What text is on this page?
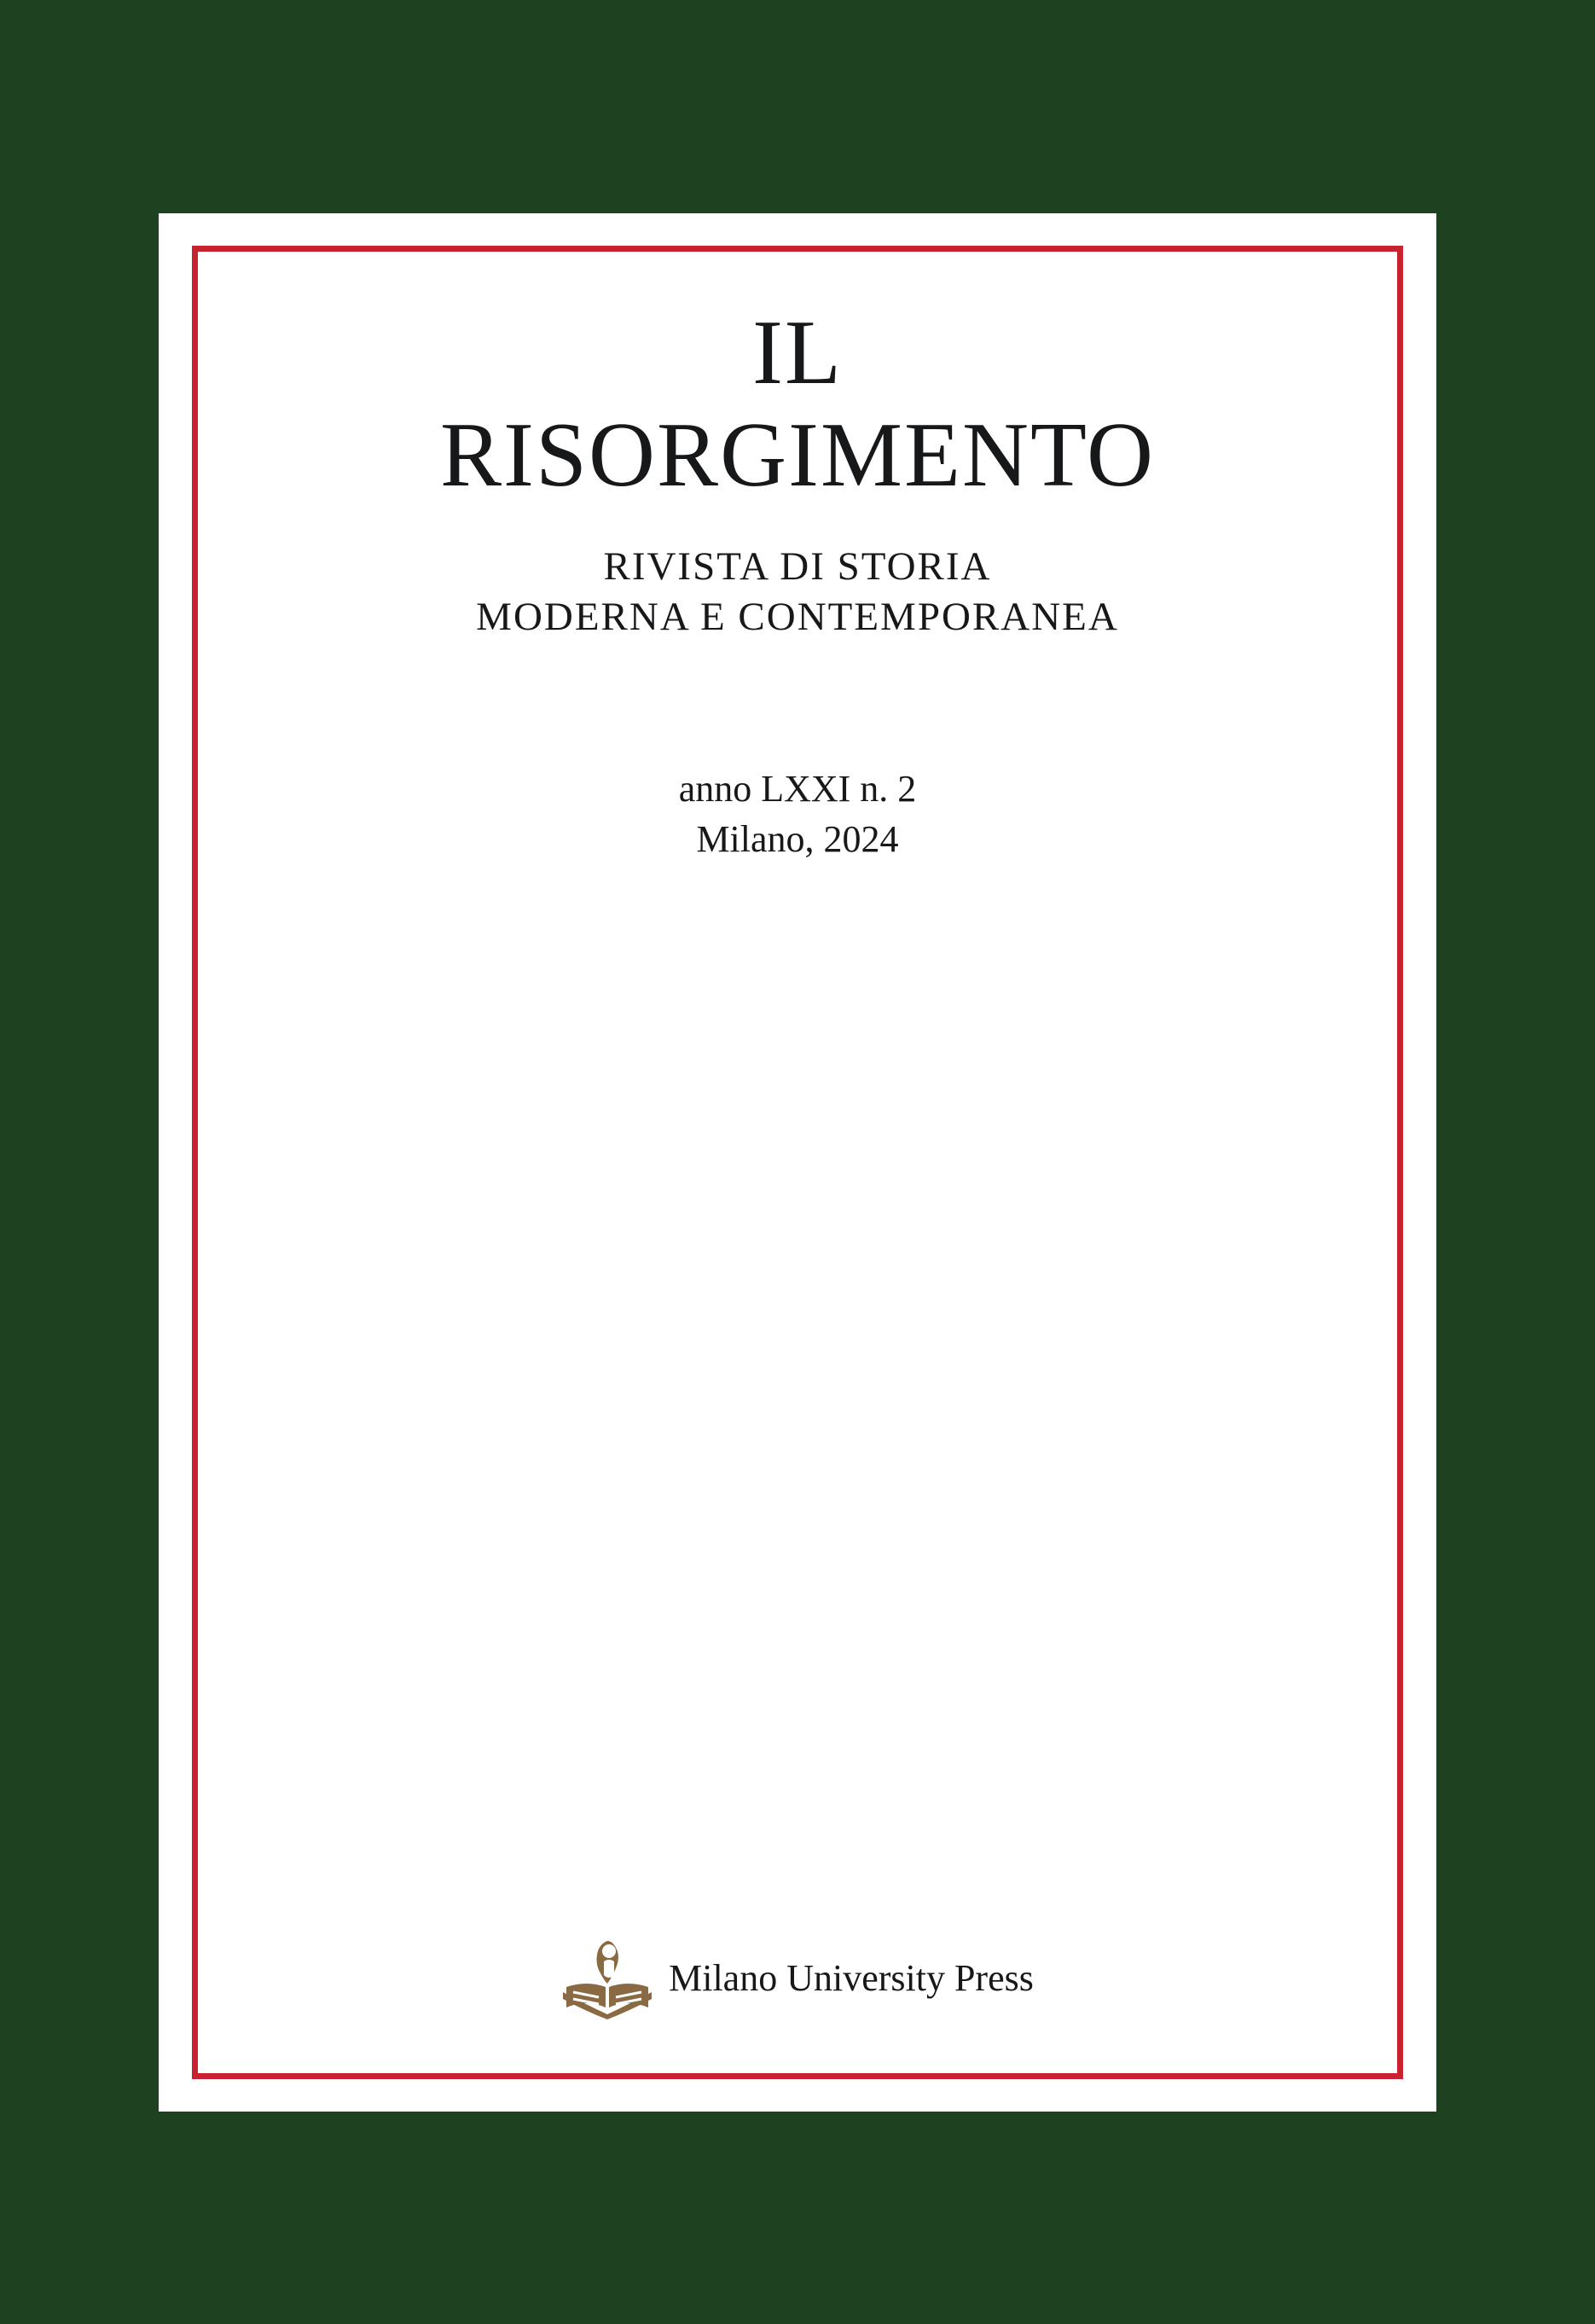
IL
RISORGIMENTO
RIVISTA DI STORIA
MODERNA E CONTEMPORANEA
anno LXXI n. 2
Milano, 2024
Milano University Press
